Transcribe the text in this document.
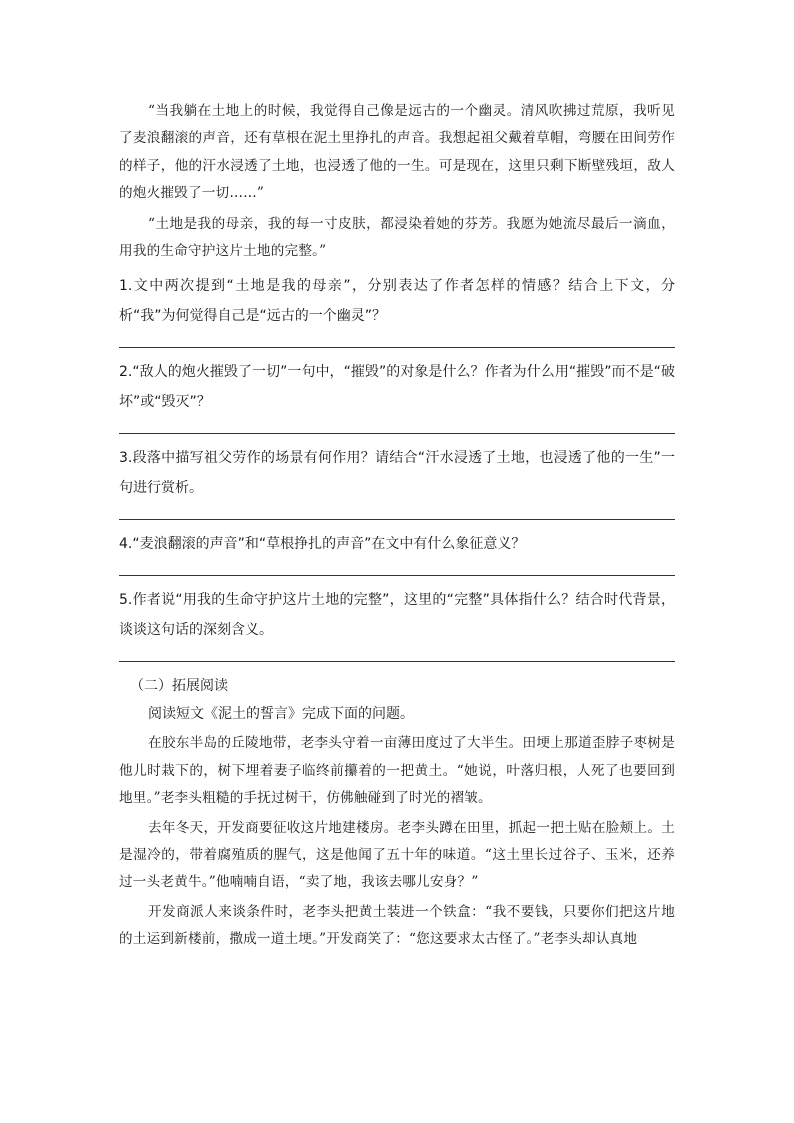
“当我躺在土地上的时候，我觉得自己像是远古的一个幽灵。清风吹拂过荒原，我听见了麦浪翻滚的声音，还有草根在泥土里挣扎的声音。我想起祖父戴着草帽，弯腰在田间劳作的样子，他的汗水浸透了土地，也浸透了他的一生。可是现在，这里只剩下断壁残垣，敌人的炮火摧毁了一切……”

“土地是我的母亲，我的每一寸皮肤，都浸染着她的芬芳。我愿为她流尽最后一滴血，用我的生命守护这片土地的完整。”

1.文中两次提到“土地是我的母亲”，分别表达了作者怎样的情感？结合上下文，分析“我”为何觉得自己是“远古的一个幽灵”？

2.“敌人的炮火摧毁了一切”一句中，“摧毁”的对象是什么？作者为什么用“摧毁”而不是“破坏”或“毁灭”？

3.段落中描写祖父劳作的场景有何作用？请结合“汗水浸透了土地，也浸透了他的一生”一句进行赏析。

4.“麦浪翻滚的声音”和“草根挣扎的声音”在文中有什么象征意义？

5.作者说“用我的生命守护这片土地的完整”，这里的“完整”具体指什么？结合时代背景，谈谈这句话的深刻含义。

（二）拓展阅读

阅读短文《泥土的誓言》完成下面的问题。

在胶东半岛的丘陵地带，老李头守着一亩薄田度过了大半生。田埂上那道歪脖子枣树是他儿时栽下的，树下埋着妻子临终前攥着的一把黄土。“她说，叶落归根，人死了也要回到地里。”老李头粗糙的手抚过树干，仿佛触碰到了时光的褶皱。

去年冬天，开发商要征收这片地建楼房。老李头蹲在田里，抓起一把土贴在脸颊上。土是湿冷的，带着腐殖质的腥气，这是他闻了五十年的味道。“这土里长过谷子、玉米，还养过一头老黄牛。”他喃喃自语，“卖了地，我该去哪儿安身？”

开发商派人来谈条件时，老李头把黄土装进一个铁盒：“我不要钱，只要你们把这片地的土运到新楼前，撒成一道土埂。”开发商笑了：“您这要求太古怪了。”老李头却认真地
